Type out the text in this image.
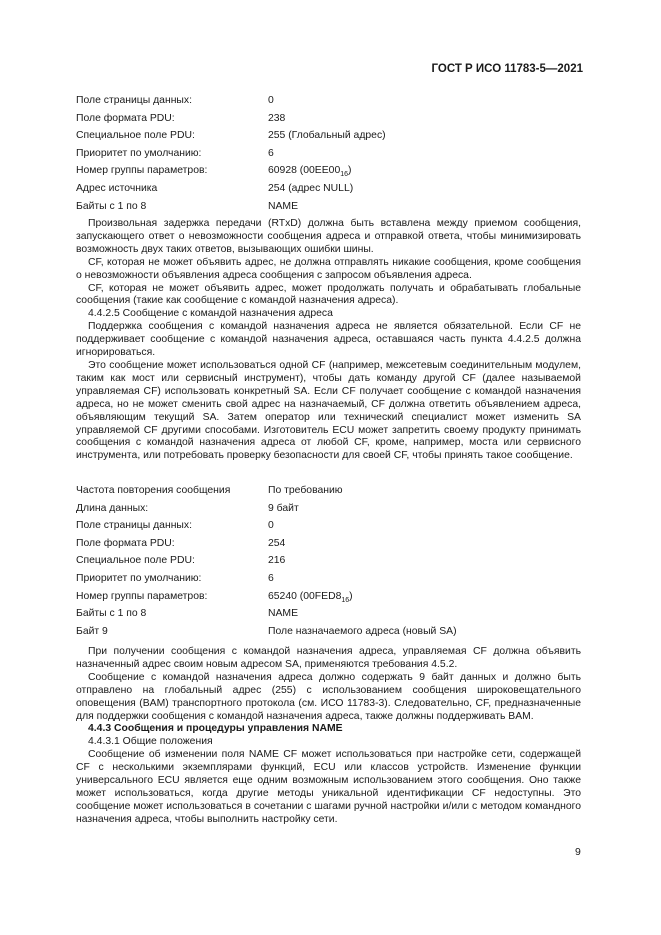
ГОСТ Р ИСО 11783-5—2021
Поле страницы данных:	0
Поле формата PDU:	238
Специальное поле PDU:	255 (Глобальный адрес)
Приоритет по умолчанию:	6
Номер группы параметров:	60928 $(00EE00_{16})$
Адрес источника	254 (адрес NULL)
Байты с 1 по 8	NAME

Произвольная задержка передачи (RTxD) должна быть вставлена между приемом сообщения, запускающего ответ о невозможности сообщения адреса и отправкой ответа, чтобы минимизировать возможность двух таких ответов, вызывающих ошибки шины.

CF, которая не может объявить адрес, не должна отправлять никакие сообщения, кроме сообщения о невозможности объявления адреса сообщения с запросом объявления адреса.

CF, которая не может объявить адрес, может продолжать получать и обрабатывать глобальные сообщения (такие как сообщение с командой назначения адреса).

4.4.2.5 Сообщение с командой назначения адреса

Поддержка сообщения с командой назначения адреса не является обязательной. Если CF не поддерживает сообщение с командой назначения адреса, оставшаяся часть пункта 4.4.2.5 должна игнорироваться.

Это сообщение может использоваться одной CF (например, межсетевым соединительным модулем, таким как мост или сервисный инструмент), чтобы дать команду другой CF (далее называемой управляемая CF) использовать конкретный SA. Если CF получает сообщение с командой назначения адреса, но не может сменить свой адрес на назначаемый, CF должна ответить объявлением адреса, объявляющим текущий SA. Затем оператор или технический специалист может изменить SA управляемой CF другими способами. Изготовитель ECU может запретить своему продукту принимать сообщения с командой назначения адреса от любой CF, кроме, например, моста или сервисного инструмента, или потребовать проверку безопасности для своей CF, чтобы принять такое сообщение.

Частота повторения сообщения	По требованию
Длина данных:	9 байт
Поле страницы данных:	0
Поле формата PDU:	254
Специальное поле PDU:	216
Приоритет по умолчанию:	6
Номер группы параметров:	65240 $(00FED8_{16})$
Байты с 1 по 8	NAME
Байт 9	Поле назначаемого адреса (новый SA)

При получении сообщения с командой назначения адреса, управляемая CF должна объявить назначенный адрес своим новым адресом SA, применяются требования 4.5.2.

Сообщение с командой назначения адреса должно содержать 9 байт данных и должно быть отправлено на глобальный адрес (255) с использованием сообщения широковещательного оповещения (BAM) транспортного протокола (см. ИСО 11783-3). Следовательно, CF, предназначенные для поддержки сообщения с командой назначения адреса, также должны поддерживать BAM.

4.4.3 Сообщения и процедуры управления NAME

4.4.3.1 Общие положения

Сообщение об изменении поля NAME CF может использоваться при настройке сети, содержащей CF с несколькими экземплярами функций, ECU или классов устройств. Изменение функции универсального ECU является еще одним возможным использованием этого сообщения. Оно также может использоваться, когда другие методы уникальной идентификации CF недоступны. Это сообщение может использоваться в сочетании с шагами ручной настройки и/или с методом командного назначения адреса, чтобы выполнить настройку сети.

9
